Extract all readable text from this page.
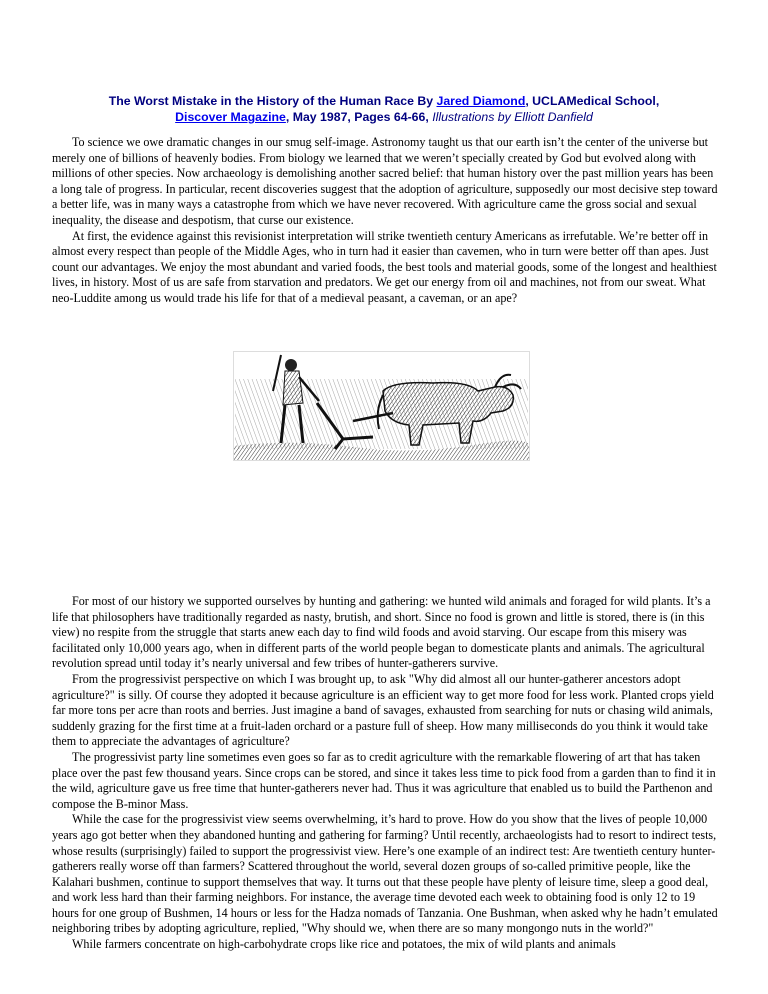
The Worst Mistake in the History of the Human Race By Jared Diamond, UCLAMedical School,
Discover Magazine, May 1987, Pages 64-66, Illustrations by Elliott Danfield

To science we owe dramatic changes in our smug self-image. Astronomy taught us that our earth isn’t the center of the universe but merely one of billions of heavenly bodies. From biology we learned that we weren’t specially created by God but evolved along with millions of other species. Now archaeology is demolishing another sacred belief: that human history over the past million years has been a long tale of progress. In particular, recent discoveries suggest that the adoption of agriculture, supposedly our most decisive step toward a better life, was in many ways a catastrophe from which we have never recovered. With agriculture came the gross social and sexual inequality, the disease and despotism, that curse our existence.

At first, the evidence against this revisionist interpretation will strike twentieth century Americans as irrefutable. We’re better off in almost every respect than people of the Middle Ages, who in turn had it easier than cavemen, who in turn were better off than apes. Just count our advantages. We enjoy the most abundant and varied foods, the best tools and material goods, some of the longest and healthiest lives, in history. Most of us are safe from starvation and predators. We get our energy from oil and machines, not from our sweat. What neo-Luddite among us would trade his life for that of a medieval peasant, a caveman, or an ape?

For most of our history we supported ourselves by hunting and gathering: we hunted wild animals and foraged for wild plants. It’s a life that philosophers have traditionally regarded as nasty, brutish, and short. Since no food is grown and little is stored, there is (in this view) no respite from the struggle that starts anew each day to find wild foods and avoid starving. Our escape from this misery was facilitated only 10,000 years ago, when in different parts of the world people began to domesticate plants and animals. The agricultural revolution spread until today it’s nearly universal and few tribes of hunter-gatherers survive.

From the progressivist perspective on which I was brought up, to ask "Why did almost all our hunter-gatherer ancestors adopt agriculture?" is silly. Of course they adopted it because agriculture is an efficient way to get more food for less work. Planted crops yield far more tons per acre than roots and berries. Just imagine a band of savages, exhausted from searching for nuts or chasing wild animals, suddenly grazing for the first time at a fruit-laden orchard or a pasture full of sheep. How many milliseconds do you think it would take them to appreciate the advantages of agriculture?

The progressivist party line sometimes even goes so far as to credit agriculture with the remarkable flowering of art that has taken place over the past few thousand years. Since crops can be stored, and since it takes less time to pick food from a garden than to find it in the wild, agriculture gave us free time that hunter-gatherers never had. Thus it was agriculture that enabled us to build the Parthenon and compose the B-minor Mass.

While the case for the progressivist view seems overwhelming, it’s hard to prove. How do you show that the lives of people 10,000 years ago got better when they abandoned hunting and gathering for farming? Until recently, archaeologists had to resort to indirect tests, whose results (surprisingly) failed to support the progressivist view. Here’s one example of an indirect test: Are twentieth century hunter-gatherers really worse off than farmers? Scattered throughout the world, several dozen groups of so-called primitive people, like the Kalahari bushmen, continue to support themselves that way. It turns out that these people have plenty of leisure time, sleep a good deal, and work less hard than their farming neighbors. For instance, the average time devoted each week to obtaining food is only 12 to 19 hours for one group of Bushmen, 14 hours or less for the Hadza nomads of Tanzania. One Bushman, when asked why he hadn’t emulated neighboring tribes by adopting agriculture, replied, "Why should we, when there are so many mongongo nuts in the world?"

While farmers concentrate on high-carbohydrate crops like rice and potatoes, the mix of wild plants and animals
